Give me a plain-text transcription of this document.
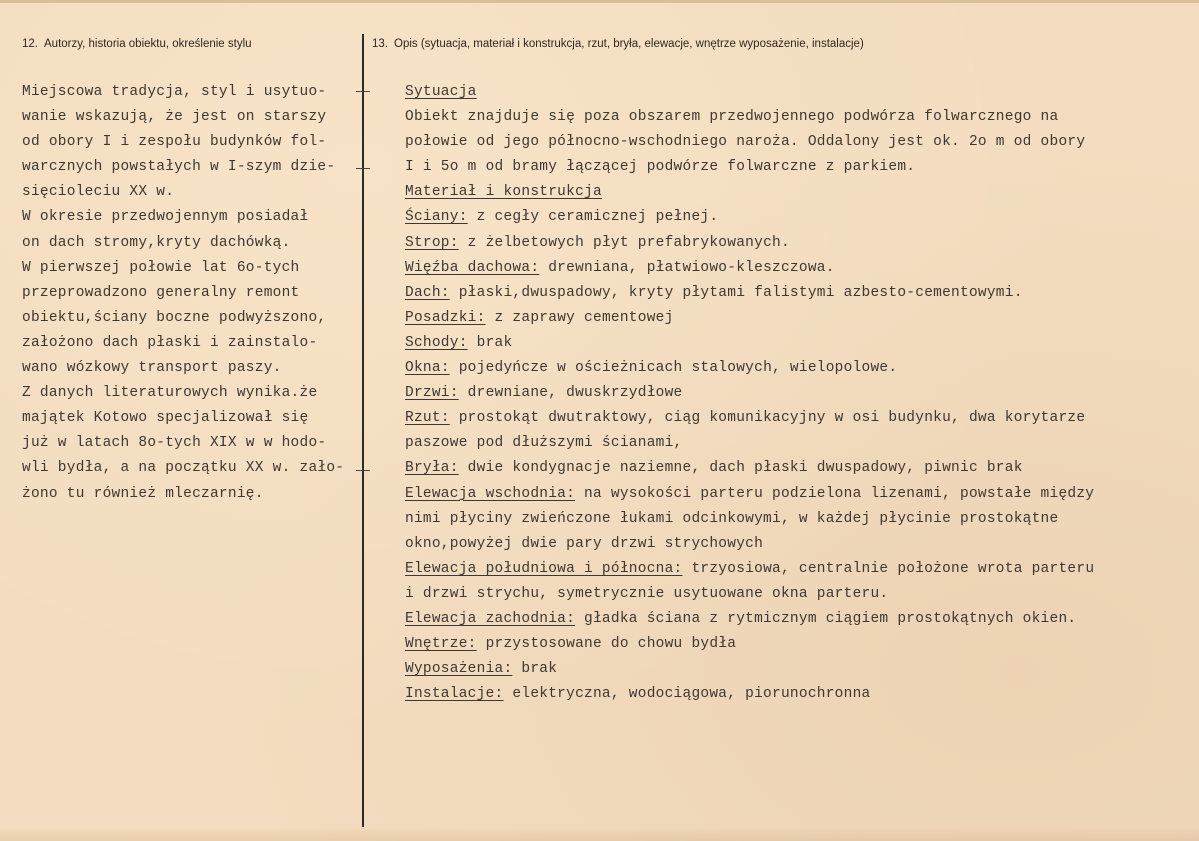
12. Autorzy, historia obiektu, określenie stylu	13. Opis (sytuacja, materiał i konstrukcja, rzut, bryła, elewacje, wnętrze wyposażenie, instalacje)
Miejscowa tradycja, styl i usytuo-
wanie wskazują, że jest on starszy
od obory I i zespołu budynków fol-
warcznych powstałych w I-szym dzie-
sięcioleciu XX w.
W okresie przedwojennym posiadał
on dach stromy,kryty dachówką.
W pierwszej połowie lat 6o-tych
przeprowadzono generalny remont
obiektu,ściany boczne podwyższono,
założono dach płaski i zainstalo-
wano wózkowy transport paszy.
Z danych literaturowych wynika.że
majątek Kotowo specjalizował się
już w latach 8o-tych XIX w w hodo-
wli bydła, a na początku XX w. zało-
żono tu również mleczarnię.
Sytuacja
Obiekt znajduje się poza obszarem przedwojennego podwórza folwarcznego na
połowie od jego północno-wschodniego naroża. Oddalony jest ok. 2o m od obory
I i 5o m od bramy łączącej podwórze folwarczne z parkiem.
Materiał i konstrukcja
Ściany: z cegły ceramicznej pełnej.
Strop: z żelbetowych płyt prefabrykowanych.
Więźba dachowa: drewniana, płatwiowo-kleszczowa.
Dach: płaski,dwuspadowy, kryty płytami falistymi azbesto-cementowymi.
Posadzki: z zaprawy cementowej
Schody: brak
Okna: pojedyńcze w ościeżnicach stalowych, wielopolowe.
Drzwi: drewniane, dwuskrzydłowe
Rzut: prostokąt dwutraktowy, ciąg komunikacyjny w osi budynku, dwa korytarze
paszowe pod dłuższymi ścianami,
Bryła: dwie kondygnacje naziemne, dach płaski dwuspadowy, piwnic brak
Elewacja wschodnia: na wysokości parteru podzielona lizenami, powstałe między
nimi płyciny zwieńczone łukami odcinkowymi, w każdej płycinie prostokątne
okno,powyżej dwie pary drzwi strychowych
Elewacja południowa i północna: trzyosiowa, centralnie położone wrota parteru
i drzwi strychu, symetrycznie usytuowane okna parteru.
Elewacja zachodnia: gładka ściana z rytmicznym ciągiem prostokątnych okien.
Wnętrze: przystosowane do chowu bydła
Wyposażenia: brak
Instalacje: elektryczna, wodociągowa, piorunochronna
